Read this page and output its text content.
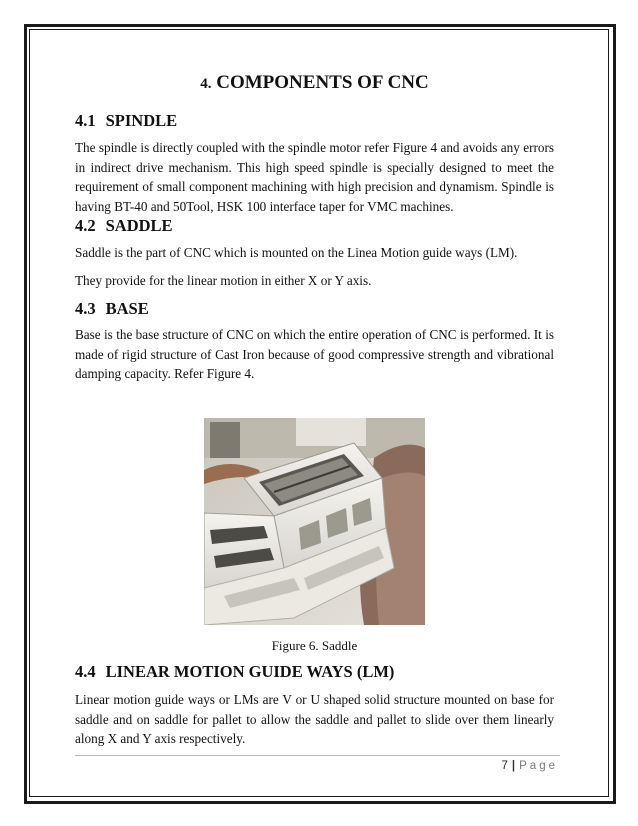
4. COMPONENTS OF CNC
4.1 SPINDLE

The spindle is directly coupled with the spindle motor refer Figure 4 and avoids any errors in indirect drive mechanism. This high speed spindle is specially designed to meet the requirement of small component machining with high precision and dynamism. Spindle is having BT-40 and 50Tool, HSK 100 interface taper for VMC machines.

4.2 SADDLE

Saddle is the part of CNC which is mounted on the Linea Motion guide ways (LM).

They provide for the linear motion in either X or Y axis.

4.3 BASE

Base is the base structure of CNC on which the entire operation of CNC is performed. It is made of rigid structure of Cast Iron because of good compressive strength and vibrational damping capacity. Refer Figure 4.

Figure 6. Saddle

4.4 LINEAR MOTION GUIDE WAYS (LM)

Linear motion guide ways or LMs are V or U shaped solid structure mounted on base for saddle and on saddle for pallet to allow the saddle and pallet to slide over them linearly along X and Y axis respectively.

7 | Page
